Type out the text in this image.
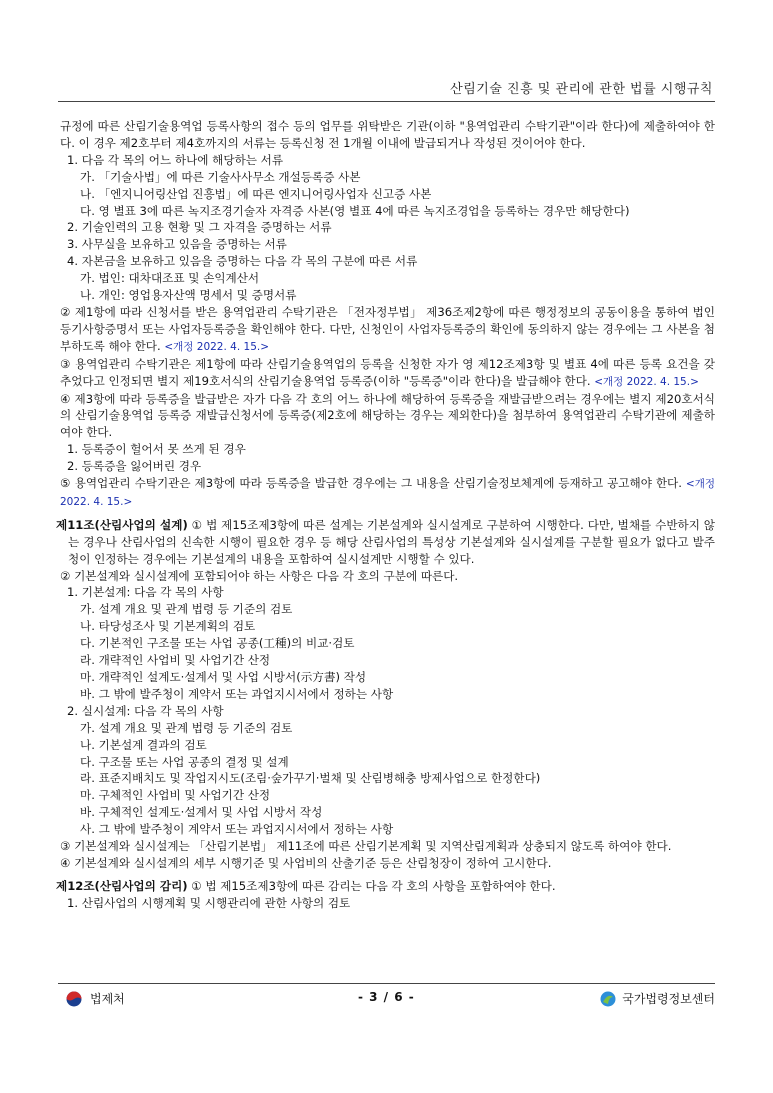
산림기술 진흥 및 관리에 관한 법률 시행규칙

규정에 따른 산림기술용역업 등록사항의 접수 등의 업무를 위탁받은 기관(이하 "용역업관리 수탁기관"이라 한다)에 제출하여야 한다. 이 경우 제2호부터 제4호까지의 서류는 등록신청 전 1개월 이내에 발급되거나 작성된 것이어야 한다.

1. 다음 각 목의 어느 하나에 해당하는 서류

가. 「기술사법」에 따른 기술사사무소 개설등록증 사본

나. 「엔지니어링산업 진흥법」에 따른 엔지니어링사업자 신고증 사본

다. 영 별표 3에 따른 녹지조경기술자 자격증 사본(영 별표 4에 따른 녹지조경업을 등록하는 경우만 해당한다)

2. 기술인력의 고용 현황 및 그 자격을 증명하는 서류

3. 사무실을 보유하고 있음을 증명하는 서류

4. 자본금을 보유하고 있음을 증명하는 다음 각 목의 구분에 따른 서류

가. 법인: 대차대조표 및 손익계산서

나. 개인: 영업용자산액 명세서 및 증명서류

② 제1항에 따라 신청서를 받은 용역업관리 수탁기관은 「전자정부법」 제36조제2항에 따른 행정정보의 공동이용을 통하여 법인 등기사항증명서 또는 사업자등록증을 확인해야 한다. 다만, 신청인이 사업자등록증의 확인에 동의하지 않는 경우에는 그 사본을 첨부하도록 해야 한다. <개정 2022. 4. 15.>

③ 용역업관리 수탁기관은 제1항에 따라 산림기술용역업의 등록을 신청한 자가 영 제12조제3항 및 별표 4에 따른 등록 요건을 갖추었다고 인정되면 별지 제19호서식의 산림기술용역업 등록증(이하 "등록증"이라 한다)을 발급해야 한다. <개정 2022. 4. 15.>

④ 제3항에 따라 등록증을 발급받은 자가 다음 각 호의 어느 하나에 해당하여 등록증을 재발급받으려는 경우에는 별지 제20호서식의 산림기술용역업 등록증 재발급신청서에 등록증(제2호에 해당하는 경우는 제외한다)을 첨부하여 용역업관리 수탁기관에 제출하여야 한다.

1. 등록증이 헐어서 못 쓰게 된 경우

2. 등록증을 잃어버린 경우

⑤ 용역업관리 수탁기관은 제3항에 따라 등록증을 발급한 경우에는 그 내용을 산림기술정보체계에 등재하고 공고해야 한다. <개정 2022. 4. 15.>

제11조(산림사업의 설계) ① 법 제15조제3항에 따른 설계는 기본설계와 실시설계로 구분하여 시행한다. 다만, 벌채를 수반하지 않는 경우나 산림사업의 신속한 시행이 필요한 경우 등 해당 산림사업의 특성상 기본설계와 실시설계를 구분할 필요가 없다고 발주청이 인정하는 경우에는 기본설계의 내용을 포함하여 실시설계만 시행할 수 있다.

② 기본설계와 실시설계에 포함되어야 하는 사항은 다음 각 호의 구분에 따른다.

1. 기본설계: 다음 각 목의 사항

가. 설계 개요 및 관계 법령 등 기준의 검토

나. 타당성조사 및 기본계획의 검토

다. 기본적인 구조물 또는 사업 공종(工種)의 비교·검토

라. 개략적인 사업비 및 사업기간 산정

마. 개략적인 설계도·설계서 및 사업 시방서(示方書) 작성

바. 그 밖에 발주청이 계약서 또는 과업지시서에서 정하는 사항

2. 실시설계: 다음 각 목의 사항

가. 설계 개요 및 관계 법령 등 기준의 검토

나. 기본설계 결과의 검토

다. 구조물 또는 사업 공종의 결정 및 설계

라. 표준지배치도 및 작업지시도(조림·숲가꾸기·벌채 및 산림병해충 방제사업으로 한정한다)

마. 구체적인 사업비 및 사업기간 산정

바. 구체적인 설계도·설계서 및 사업 시방서 작성

사. 그 밖에 발주청이 계약서 또는 과업지시서에서 정하는 사항

③ 기본설계와 실시설계는 「산림기본법」 제11조에 따른 산림기본계획 및 지역산림계획과 상충되지 않도록 하여야 한다.

④ 기본설계와 실시설계의 세부 시행기준 및 사업비의 산출기준 등은 산림청장이 정하여 고시한다.

제12조(산림사업의 감리) ① 법 제15조제3항에 따른 감리는 다음 각 호의 사항을 포함하여야 한다.

1. 산림사업의 시행계획 및 시행관리에 관한 사항의 검토

법제처	- 3 / 6 -	국가법령정보센터
